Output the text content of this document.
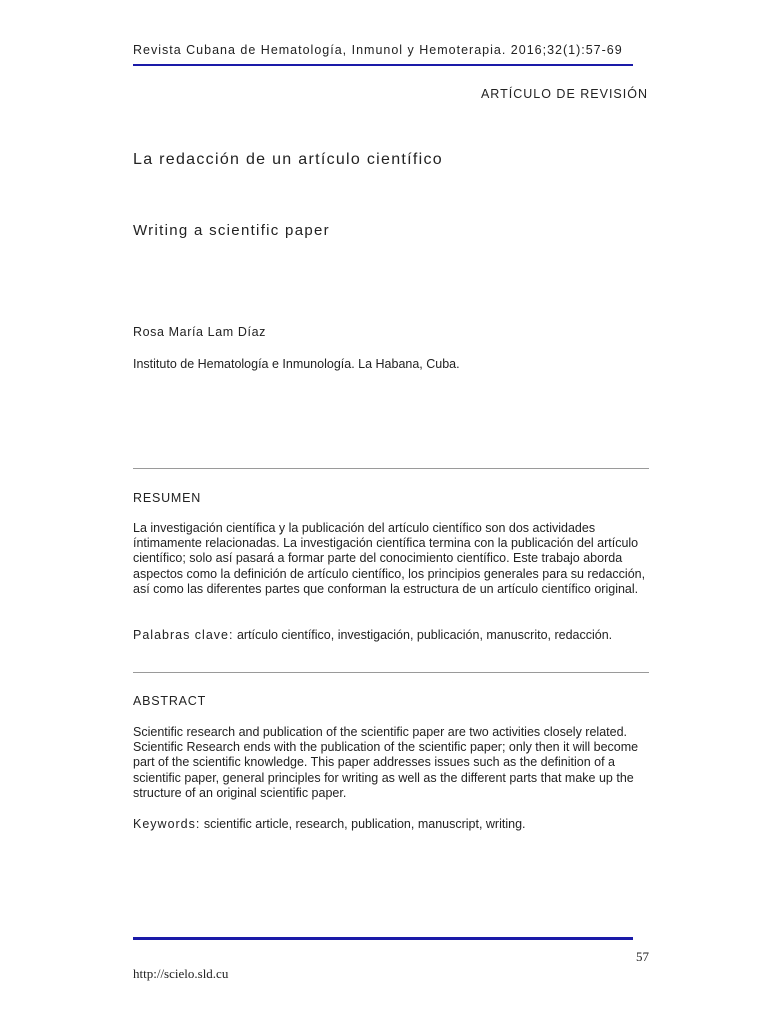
Revista Cubana de Hematología, Inmunol y Hemoterapia. 2016;32(1):57-69
ARTÍCULO DE REVISIÓN
La redacción de un artículo científico
Writing a scientific paper
Rosa María Lam Díaz
Instituto de Hematología e Inmunología. La Habana, Cuba.
RESUMEN

La investigación científica y la publicación del artículo científico son dos actividades íntimamente relacionadas. La investigación científica termina con la publicación del artículo científico; solo así pasará a formar parte del conocimiento científico. Este trabajo aborda aspectos como la definición de artículo científico, los principios generales para su redacción, así como las diferentes partes que conforman la estructura de un artículo científico original.

Palabras clave: artículo científico, investigación, publicación, manuscrito, redacción.
ABSTRACT

Scientific research and publication of the scientific paper are two activities closely related. Scientific Research ends with the publication of the scientific paper; only then it will become part of the scientific knowledge. This paper addresses issues such as the definition of a scientific paper, general principles for writing as well as the different parts that make up the structure of an original scientific paper.

Keywords: scientific article, research, publication, manuscript, writing.
57
http://scielo.sld.cu
